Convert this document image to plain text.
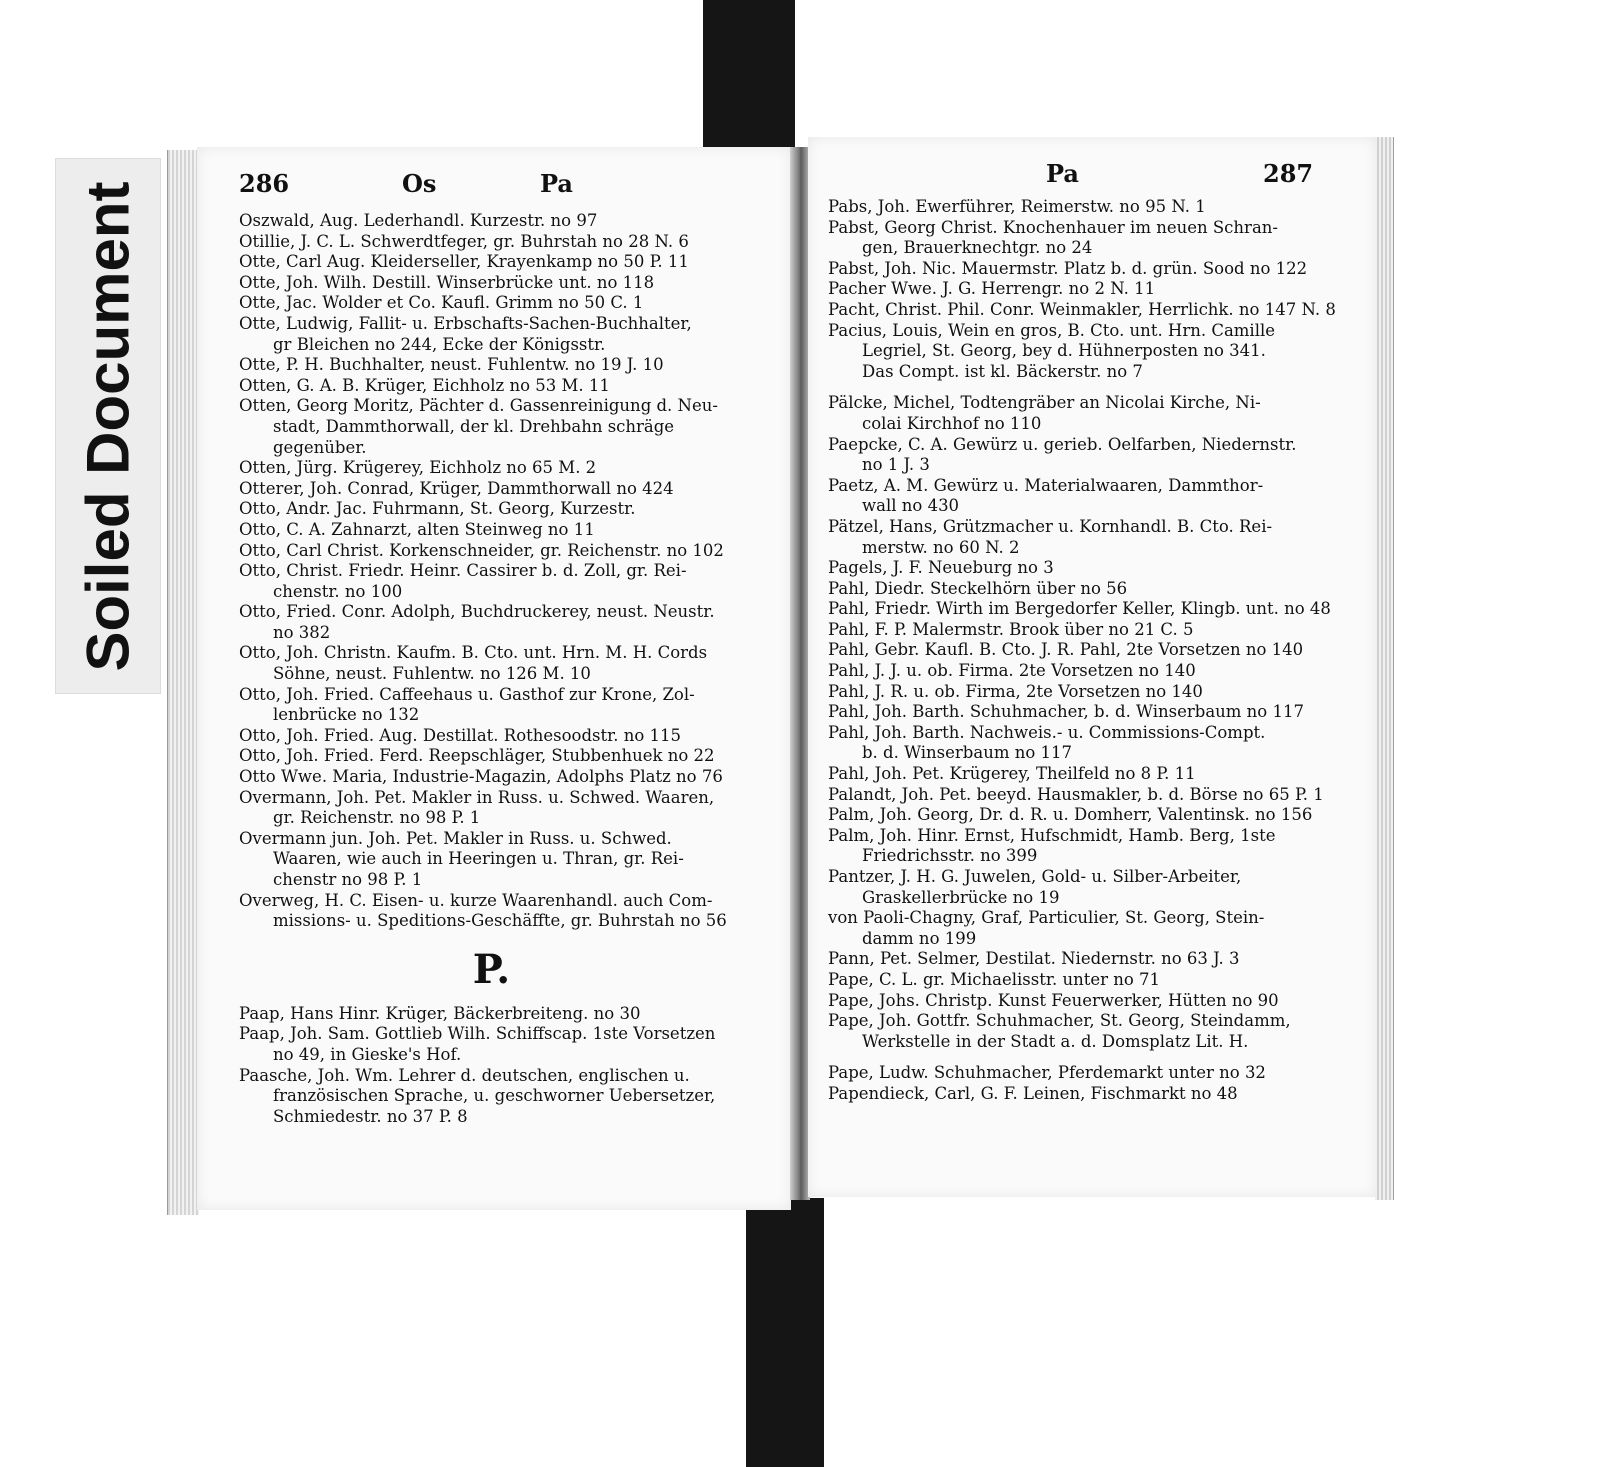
Soiled Document	286	Os	Pa
Oszwald, Aug. Lederhandl. Kurzestr. no 97
Otillie, J. C. L. Schwerdtfeger, gr. Buhrstah no 28 N. 6
Otte, Carl Aug. Kleiderseller, Krayenkamp no 50 P. 11
Otte, Joh. Wilh. Destill. Winserbrücke unt. no 118
Otte, Jac. Wolder et Co. Kaufl. Grimm no 50 C. 1
Otte, Ludwig, Fallit- u. Erbschafts-Sachen-Buchhalter,
gr Bleichen no 244, Ecke der Königsstr.
Otte, P. H. Buchhalter, neust. Fuhlentw. no 19 J. 10
Otten, G. A. B. Krüger, Eichholz no 53 M. 11
Otten, Georg Moritz, Pächter d. Gassenreinigung d. Neu-
stadt, Dammthorwall, der kl. Drehbahn schräge
gegenüber.
Otten, Jürg. Krügerey, Eichholz no 65 M. 2
Otterer, Joh. Conrad, Krüger, Dammthorwall no 424
Otto, Andr. Jac. Fuhrmann, St. Georg, Kurzestr.
Otto, C. A. Zahnarzt, alten Steinweg no 11
Otto, Carl Christ. Korkenschneider, gr. Reichenstr. no 102
Otto, Christ. Friedr. Heinr. Cassirer b. d. Zoll, gr. Rei-
chenstr. no 100
Otto, Fried. Conr. Adolph, Buchdruckerey, neust. Neustr.
no 382
Otto, Joh. Christn. Kaufm. B. Cto. unt. Hrn. M. H. Cords
Söhne, neust. Fuhlentw. no 126 M. 10
Otto, Joh. Fried. Caffeehaus u. Gasthof zur Krone, Zol-
lenbrücke no 132
Otto, Joh. Fried. Aug. Destillat. Rothesoodstr. no 115
Otto, Joh. Fried. Ferd. Reepschläger, Stubbenhuek no 22
Otto Wwe. Maria, Industrie-Magazin, Adolphs Platz no 76
Overmann, Joh. Pet. Makler in Russ. u. Schwed. Waaren,
gr. Reichenstr. no 98 P. 1
Overmann jun. Joh. Pet. Makler in Russ. u. Schwed.
Waaren, wie auch in Heeringen u. Thran, gr. Rei-
chenstr no 98 P. 1
Overweg, H. C. Eisen- u. kurze Waarenhandl. auch Com-
missions- u. Speditions-Geschäffte, gr. Buhrstah no 56
P.
Paap, Hans Hinr. Krüger, Bäckerbreiteng. no 30
Paap, Joh. Sam. Gottlieb Wilh. Schiffscap. 1ste Vorsetzen
no 49, in Gieske's Hof.
Paasche, Joh. Wm. Lehrer d. deutschen, englischen u.
französischen Sprache, u. geschworner Uebersetzer,
Schmiedestr. no 37 P. 8
Pa	287
Pabs, Joh. Ewerführer, Reimerstw. no 95 N. 1
Pabst, Georg Christ. Knochenhauer im neuen Schran-
gen, Brauerknechtgr. no 24
Pabst, Joh. Nic. Mauermstr. Platz b. d. grün. Sood no 122
Pacher Wwe. J. G. Herrengr. no 2 N. 11
Pacht, Christ. Phil. Conr. Weinmakler, Herrlichk. no 147 N. 8
Pacius, Louis, Wein en gros, B. Cto. unt. Hrn. Camille
Legriel, St. Georg, bey d. Hühnerposten no 341.
Das Compt. ist kl. Bäckerstr. no 7
Pälcke, Michel, Todtengräber an Nicolai Kirche, Ni-
colai Kirchhof no 110
Paepcke, C. A. Gewürz u. gerieb. Oelfarben, Niedernstr.
no 1 J. 3
Paetz, A. M. Gewürz u. Materialwaaren, Dammthor-
wall no 430
Pätzel, Hans, Grützmacher u. Kornhandl. B. Cto. Rei-
merstw. no 60 N. 2
Pagels, J. F. Neueburg no 3
Pahl, Diedr. Steckelhörn über no 56
Pahl, Friedr. Wirth im Bergedorfer Keller, Klingb. unt. no 48
Pahl, F. P. Malermstr. Brook über no 21 C. 5
Pahl, Gebr. Kaufl. B. Cto. J. R. Pahl, 2te Vorsetzen no 140
Pahl, J. J. u. ob. Firma. 2te Vorsetzen no 140
Pahl, J. R. u. ob. Firma, 2te Vorsetzen no 140
Pahl, Joh. Barth. Schuhmacher, b. d. Winserbaum no 117
Pahl, Joh. Barth. Nachweis.- u. Commissions-Compt.
b. d. Winserbaum no 117
Pahl, Joh. Pet. Krügerey, Theilfeld no 8 P. 11
Palandt, Joh. Pet. beeyd. Hausmakler, b. d. Börse no 65 P. 1
Palm, Joh. Georg, Dr. d. R. u. Domherr, Valentinsk. no 156
Palm, Joh. Hinr. Ernst, Hufschmidt, Hamb. Berg, 1ste
Friedrichsstr. no 399
Pantzer, J. H. G. Juwelen, Gold- u. Silber-Arbeiter,
Graskellerbrücke no 19
von Paoli-Chagny, Graf, Particulier, St. Georg, Stein-
damm no 199
Pann, Pet. Selmer, Destilat. Niedernstr. no 63 J. 3
Pape, C. L. gr. Michaelisstr. unter no 71
Pape, Johs. Christp. Kunst Feuerwerker, Hütten no 90
Pape, Joh. Gottfr. Schuhmacher, St. Georg, Steindamm,
Werkstelle in der Stadt a. d. Domsplatz Lit. H.
Pape, Ludw. Schuhmacher, Pferdemarkt unter no 32
Papendieck, Carl, G. F. Leinen, Fischmarkt no 48
